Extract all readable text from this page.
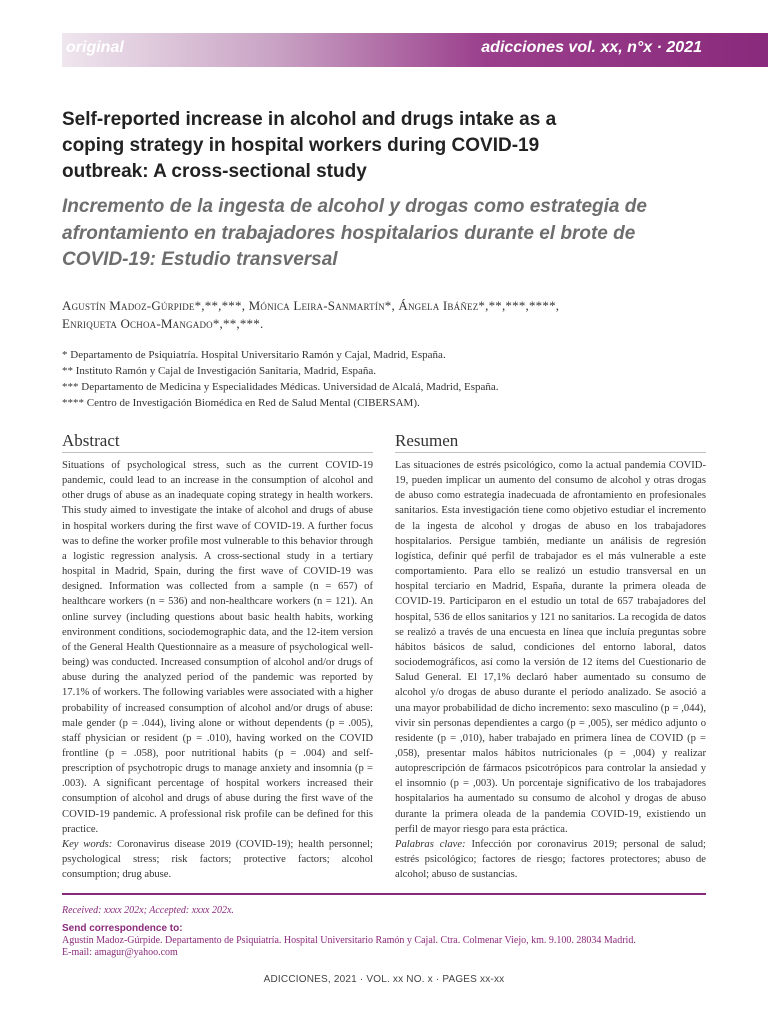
original	adicciones vol. xx, n°x · 2021
Self-reported increase in alcohol and drugs intake as a coping strategy in hospital workers during COVID-19 outbreak: A cross-sectional study
Incremento de la ingesta de alcohol y drogas como estrategia de afrontamiento en trabajadores hospitalarios durante el brote de COVID-19: Estudio transversal
Agustín Madoz-Gúrpide*,**,***, Mónica Leira-Sanmartín*, Ángela Ibáñez*,**,***,****,
Enriqueta Ochoa-Mangado*,**,***.
* Departamento de Psiquiatría. Hospital Universitario Ramón y Cajal, Madrid, España.
** Instituto Ramón y Cajal de Investigación Sanitaria, Madrid, España.
*** Departamento de Medicina y Especialidades Médicas. Universidad de Alcalá, Madrid, España.
**** Centro de Investigación Biomédica en Red de Salud Mental (CIBERSAM).
Abstract	Resumen

Situations of psychological stress, such as the current COVID-19 pandemic, could lead to an increase in the consumption of alcohol and other drugs of abuse as an inadequate coping strategy in health workers. This study aimed to investigate the intake of alcohol and drugs of abuse in hospital workers during the first wave of COVID-19. A further focus was to define the worker profile most vulnerable to this behavior through a logistic regression analysis. A cross-sectional study in a tertiary hospital in Madrid, Spain, during the first wave of COVID-19 was designed. Information was collected from a sample (n = 657) of healthcare workers (n = 536) and non-healthcare workers (n = 121). An online survey (including questions about basic health habits, working environment conditions, sociodemographic data, and the 12-item version of the General Health Questionnaire as a measure of psychological well-being) was conducted. Increased consumption of alcohol and/or drugs of abuse during the analyzed period of the pandemic was reported by 17.1% of workers. The following variables were associated with a higher probability of increased consumption of alcohol and/or drugs of abuse: male gender (p = .044), living alone or without dependents (p = .005), staff physician or resident (p = .010), having worked on the COVID frontline (p = .058), poor nutritional habits (p = .004) and self-prescription of psychotropic drugs to manage anxiety and insomnia (p = .003). A significant percentage of hospital workers increased their consumption of alcohol and drugs of abuse during the first wave of the COVID-19 pandemic. A professional risk profile can be defined for this practice.

Key words: Coronavirus disease 2019 (COVID-19); health personnel; psychological stress; risk factors; protective factors; alcohol consumption; drug abuse.

Las situaciones de estrés psicológico, como la actual pandemia COVID-19, pueden implicar un aumento del consumo de alcohol y otras drogas de abuso como estrategia inadecuada de afrontamiento en profesionales sanitarios. Esta investigación tiene como objetivo estudiar el incremento de la ingesta de alcohol y drogas de abuso en los trabajadores hospitalarios. Persigue también, mediante un análisis de regresión logística, definir qué perfil de trabajador es el más vulnerable a este comportamiento. Para ello se realizó un estudio transversal en un hospital terciario en Madrid, España, durante la primera oleada de COVID-19. Participaron en el estudio un total de 657 trabajadores del hospital, 536 de ellos sanitarios y 121 no sanitarios. La recogida de datos se realizó a través de una encuesta en línea que incluía preguntas sobre hábitos básicos de salud, condiciones del entorno laboral, datos sociodemográficos, así como la versión de 12 ítems del Cuestionario de Salud General. El 17,1% declaró haber aumentado su consumo de alcohol y/o drogas de abuso durante el período analizado. Se asoció a una mayor probabilidad de dicho incremento: sexo masculino (p = ,044), vivir sin personas dependientes a cargo (p = ,005), ser médico adjunto o residente (p = ,010), haber trabajado en primera línea de COVID (p = ,058), presentar malos hábitos nutricionales (p = ,004) y realizar autoprescripción de fármacos psicotrópicos para controlar la ansiedad y el insomnio (p = ,003). Un porcentaje significativo de los trabajadores hospitalarios ha aumentado su consumo de alcohol y drogas de abuso durante la primera oleada de la pandemia COVID-19, existiendo un perfil de mayor riesgo para esta práctica.

Palabras clave: Infección por coronavirus 2019; personal de salud; estrés psicológico; factores de riesgo; factores protectores; abuso de alcohol; abuso de sustancias.

Received: xxxx 202x; Accepted: xxxx 202x.
Send correspondence to:
Agustín Madoz-Gúrpide. Departamento de Psiquiatría. Hospital Universitario Ramón y Cajal. Ctra. Colmenar Viejo, km. 9.100. 28034 Madrid.
E-mail: amagur@yahoo.com
ADICCIONES, 2021 · VOL. xx NO. x · PAGES xx-xx
